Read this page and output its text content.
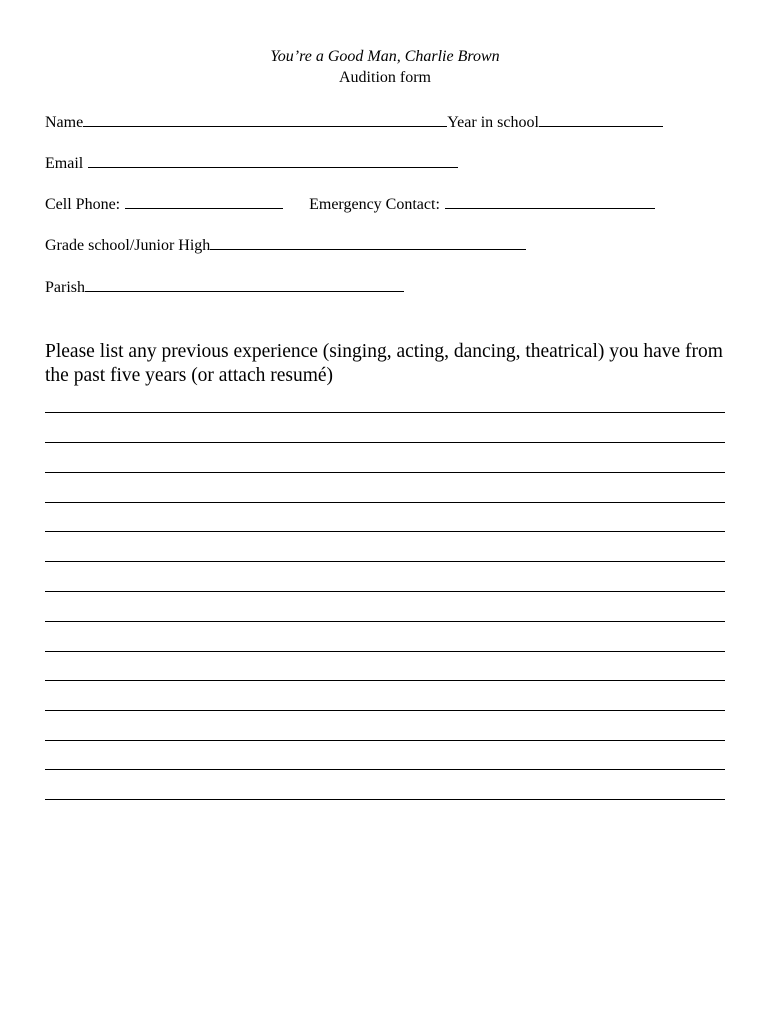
You’re a Good Man, Charlie Brown
Audition form
Name	Year in school
Email
Cell Phone:	Emergency Contact:
Grade school/Junior High
Parish
Please list any previous experience (singing, acting, dancing, theatrical) you have from the past five years (or attach resumé)
